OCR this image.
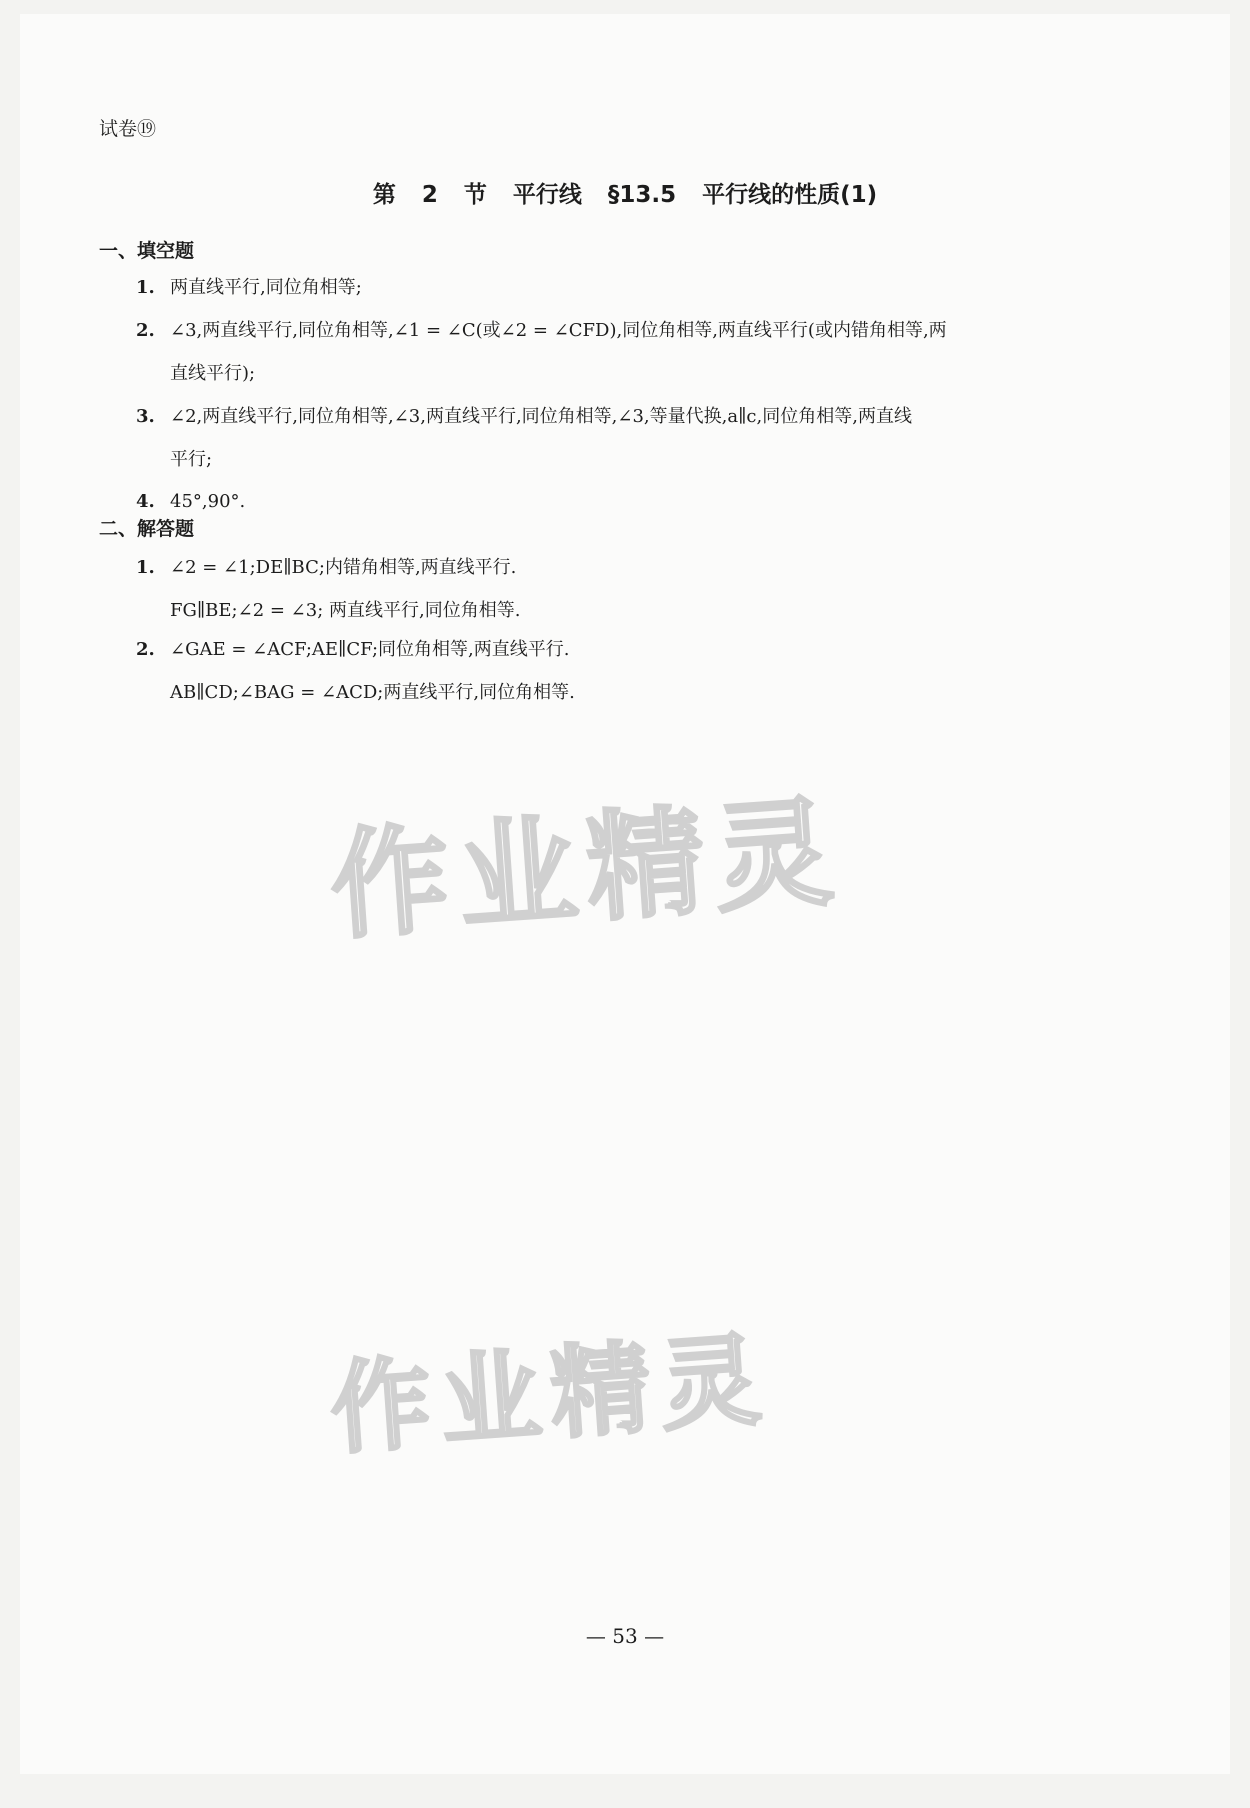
试卷⑲
第 2 节 平行线 §13.5 平行线的性质(1)
一、填空题
1. 两直线平行,同位角相等;
2. ∠3,两直线平行,同位角相等,∠1 = ∠C(或∠2 = ∠CFD),同位角相等,两直线平行(或内错角相等,两
直线平行);
3. ∠2,两直线平行,同位角相等,∠3,两直线平行,同位角相等,∠3,等量代换,a∥c,同位角相等,两直线
平行;
4. 45°,90°.
二、解答题
1. ∠2 = ∠1;DE∥BC;内错角相等,两直线平行.
FG∥BE;∠2 = ∠3; 两直线平行,同位角相等.
2. ∠GAE = ∠ACF;AE∥CF;同位角相等,两直线平行.
AB∥CD;∠BAG = ∠ACD;两直线平行,同位角相等.
作业精灵
作业精灵
— 53 —
